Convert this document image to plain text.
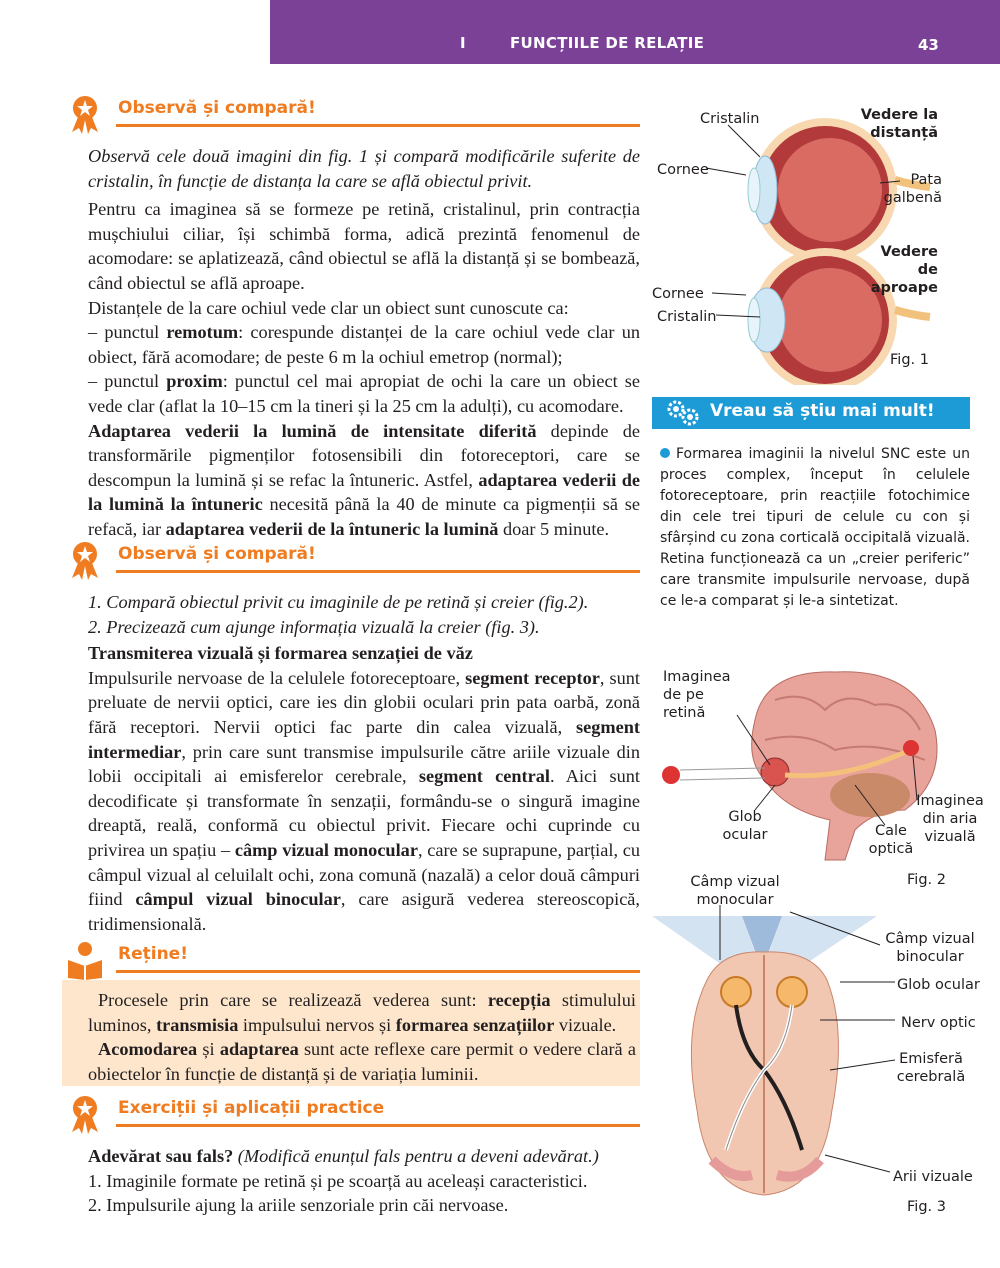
I	FUNCȚIILE DE RELAȚIE	43
Observă și compară!

Observă cele două imagini din fig. 1 și compară modificările suferite de cristalin, în funcție de distanța la care se află obiectul privit.

Pentru ca imaginea să se formeze pe retină, cristalinul, prin contracția mușchiului ciliar, își schimbă forma, adică prezintă fenomenul de acomodare: se aplatizează, când obiectul se află la distanță și se bombează, când obiectul se află aproape.

Distanțele de la care ochiul vede clar un obiect sunt cunoscute ca:

– punctul remotum: corespunde distanței de la care ochiul vede clar un obiect, fără acomodare; de peste 6 m la ochiul emetrop (normal);

– punctul proxim: punctul cel mai apropiat de ochi la care un obiect se vede clar (aflat la 10–15 cm la tineri și la 25 cm la adulți), cu acomodare.

Adaptarea vederii la lumină de intensitate diferită depinde de transformările pigmenților fotosensibili din fotoreceptori, care se descompun la lumină și se refac la întuneric. Astfel, adaptarea vederii de la lumină la întuneric necesită până la 40 de minute ca pigmenții să se refacă, iar adaptarea vederii de la întuneric la lumină doar 5 minute.

Observă și compară!

1. Compară obiectul privit cu imaginile de pe retină și creier (fig.2).

2. Precizează cum ajunge informația vizuală la creier (fig. 3).

Transmiterea vizuală și formarea senzației de văz

Impulsurile nervoase de la celulele fotoreceptoare, segment receptor, sunt preluate de nervii optici, care ies din globii oculari prin pata oarbă, zonă fără receptori. Nervii optici fac parte din calea vizuală, segment intermediar, prin care sunt transmise impulsurile către ariile vizuale din lobii occipitali ai emisferelor cerebrale, segment central. Aici sunt decodificate și transformate în senzații, formându-se o singură imagine dreaptă, reală, conformă cu obiectul privit. Fiecare ochi cuprinde cu privirea un spațiu – câmp vizual monocular, care se suprapune, parțial, cu câmpul vizual al celuilalt ochi, zona comună (nazală) a celor două câmpuri fiind câmpul vizual binocular, care asigură vederea stereoscopică, tridimensională.

Reține!

Procesele prin care se realizează vederea sunt: recepția stimulului luminos, transmisia impulsului nervos și formarea senzațiilor vizuale.

Acomodarea și adaptarea sunt acte reflexe care permit o vedere clară a obiectelor în funcție de distanță și de variația luminii.

Exerciții și aplicații practice

Adevărat sau fals? (Modifică enunțul fals pentru a deveni adevărat.)

1. Imaginile formate pe retină și pe scoarță au aceleași caracteristici.

2. Impulsurile ajung la ariile senzoriale prin căi nervoase.

Cristalin	Vedere la distanță
Cornee
Pata galbenă
Vedere de aproape
Cornee
Cristalin
Fig. 1
Vreau să știu mai mult!
Formarea imaginii la nivelul SNC este un proces complex, început în celulele fotoreceptoare, prin reacțiile fotochimice din cele trei tipuri de celule cu con și sfârșind cu zona corticală occipitală vizuală. Retina funcționează ca un „creier periferic” care transmite impulsurile nervoase, după ce le-a comparat și le-a sintetizat.
Imaginea de pe retină
Glob ocular	Cale optică
Imaginea din aria vizuală
Fig. 2
Câmp vizual monocular
Câmp vizual binocular
Glob ocular
Nerv optic
Emisferă cerebrală
Arii vizuale
Fig. 3
